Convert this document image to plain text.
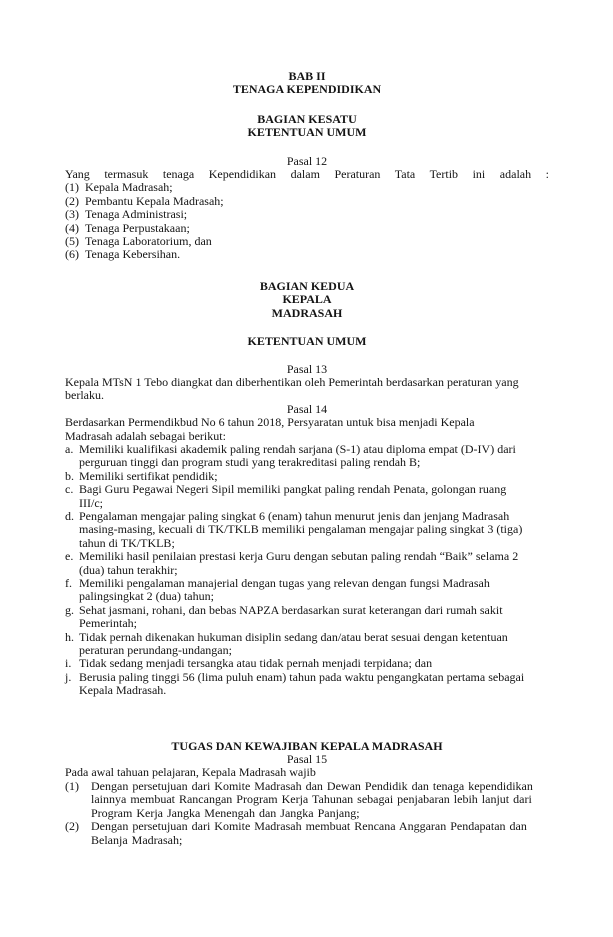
BAB II
TENAGA KEPENDIDIKAN
BAGIAN KESATU
KETENTUAN UMUM
Pasal 12
Yang termasuk tenaga Kependidikan dalam Peraturan Tata Tertib ini adalah :
(1) Kepala Madrasah;
(2) Pembantu Kepala Madrasah;
(3) Tenaga Administrasi;
(4) Tenaga Perpustakaan;
(5) Tenaga Laboratorium, dan
(6) Tenaga Kebersihan.
BAGIAN KEDUA
KEPALA
MADRASAH
KETENTUAN UMUM
Pasal 13
Kepala MTsN 1 Tebo diangkat dan diberhentikan oleh Pemerintah berdasarkan peraturan yang
berlaku.
Pasal 14
Berdasarkan Permendikbud No 6 tahun 2018, Persyaratan untuk bisa menjadi Kepala
Madrasah adalah sebagai berikut:
a. Memiliki kualifikasi akademik paling rendah sarjana (S-1) atau diploma empat (D-IV) dari
perguruan tinggi dan program studi yang terakreditasi paling rendah B;
b. Memiliki sertifikat pendidik;
c. Bagi Guru Pegawai Negeri Sipil memiliki pangkat paling rendah Penata, golongan ruang
III/c;
d. Pengalaman mengajar paling singkat 6 (enam) tahun menurut jenis dan jenjang Madrasah
masing-masing, kecuali di TK/TKLB memiliki pengalaman mengajar paling singkat 3 (tiga)
tahun di TK/TKLB;
e. Memiliki hasil penilaian prestasi kerja Guru dengan sebutan paling rendah “Baik” selama 2
(dua) tahun terakhir;
f. Memiliki pengalaman manajerial dengan tugas yang relevan dengan fungsi Madrasah
palingsingkat 2 (dua) tahun;
g. Sehat jasmani, rohani, dan bebas NAPZA berdasarkan surat keterangan dari rumah sakit
Pemerintah;
h. Tidak pernah dikenakan hukuman disiplin sedang dan/atau berat sesuai dengan ketentuan
peraturan perundang-undangan;
i. Tidak sedang menjadi tersangka atau tidak pernah menjadi terpidana; dan
j. Berusia paling tinggi 56 (lima puluh enam) tahun pada waktu pengangkatan pertama sebagai
Kepala Madrasah.
TUGAS DAN KEWAJIBAN KEPALA MADRASAH
Pasal 15
Pada awal tahuan pelajaran, Kepala Madrasah wajib
(1) Dengan persetujuan dari Komite Madrasah dan Dewan Pendidik dan tenaga kependidikan
lainnya membuat Rancangan Program Kerja Tahunan sebagai penjabaran lebih lanjut dari
Program Kerja Jangka Menengah dan Jangka Panjang;
(2) Dengan persetujuan dari Komite Madrasah membuat Rencana Anggaran Pendapatan dan
Belanja Madrasah;
